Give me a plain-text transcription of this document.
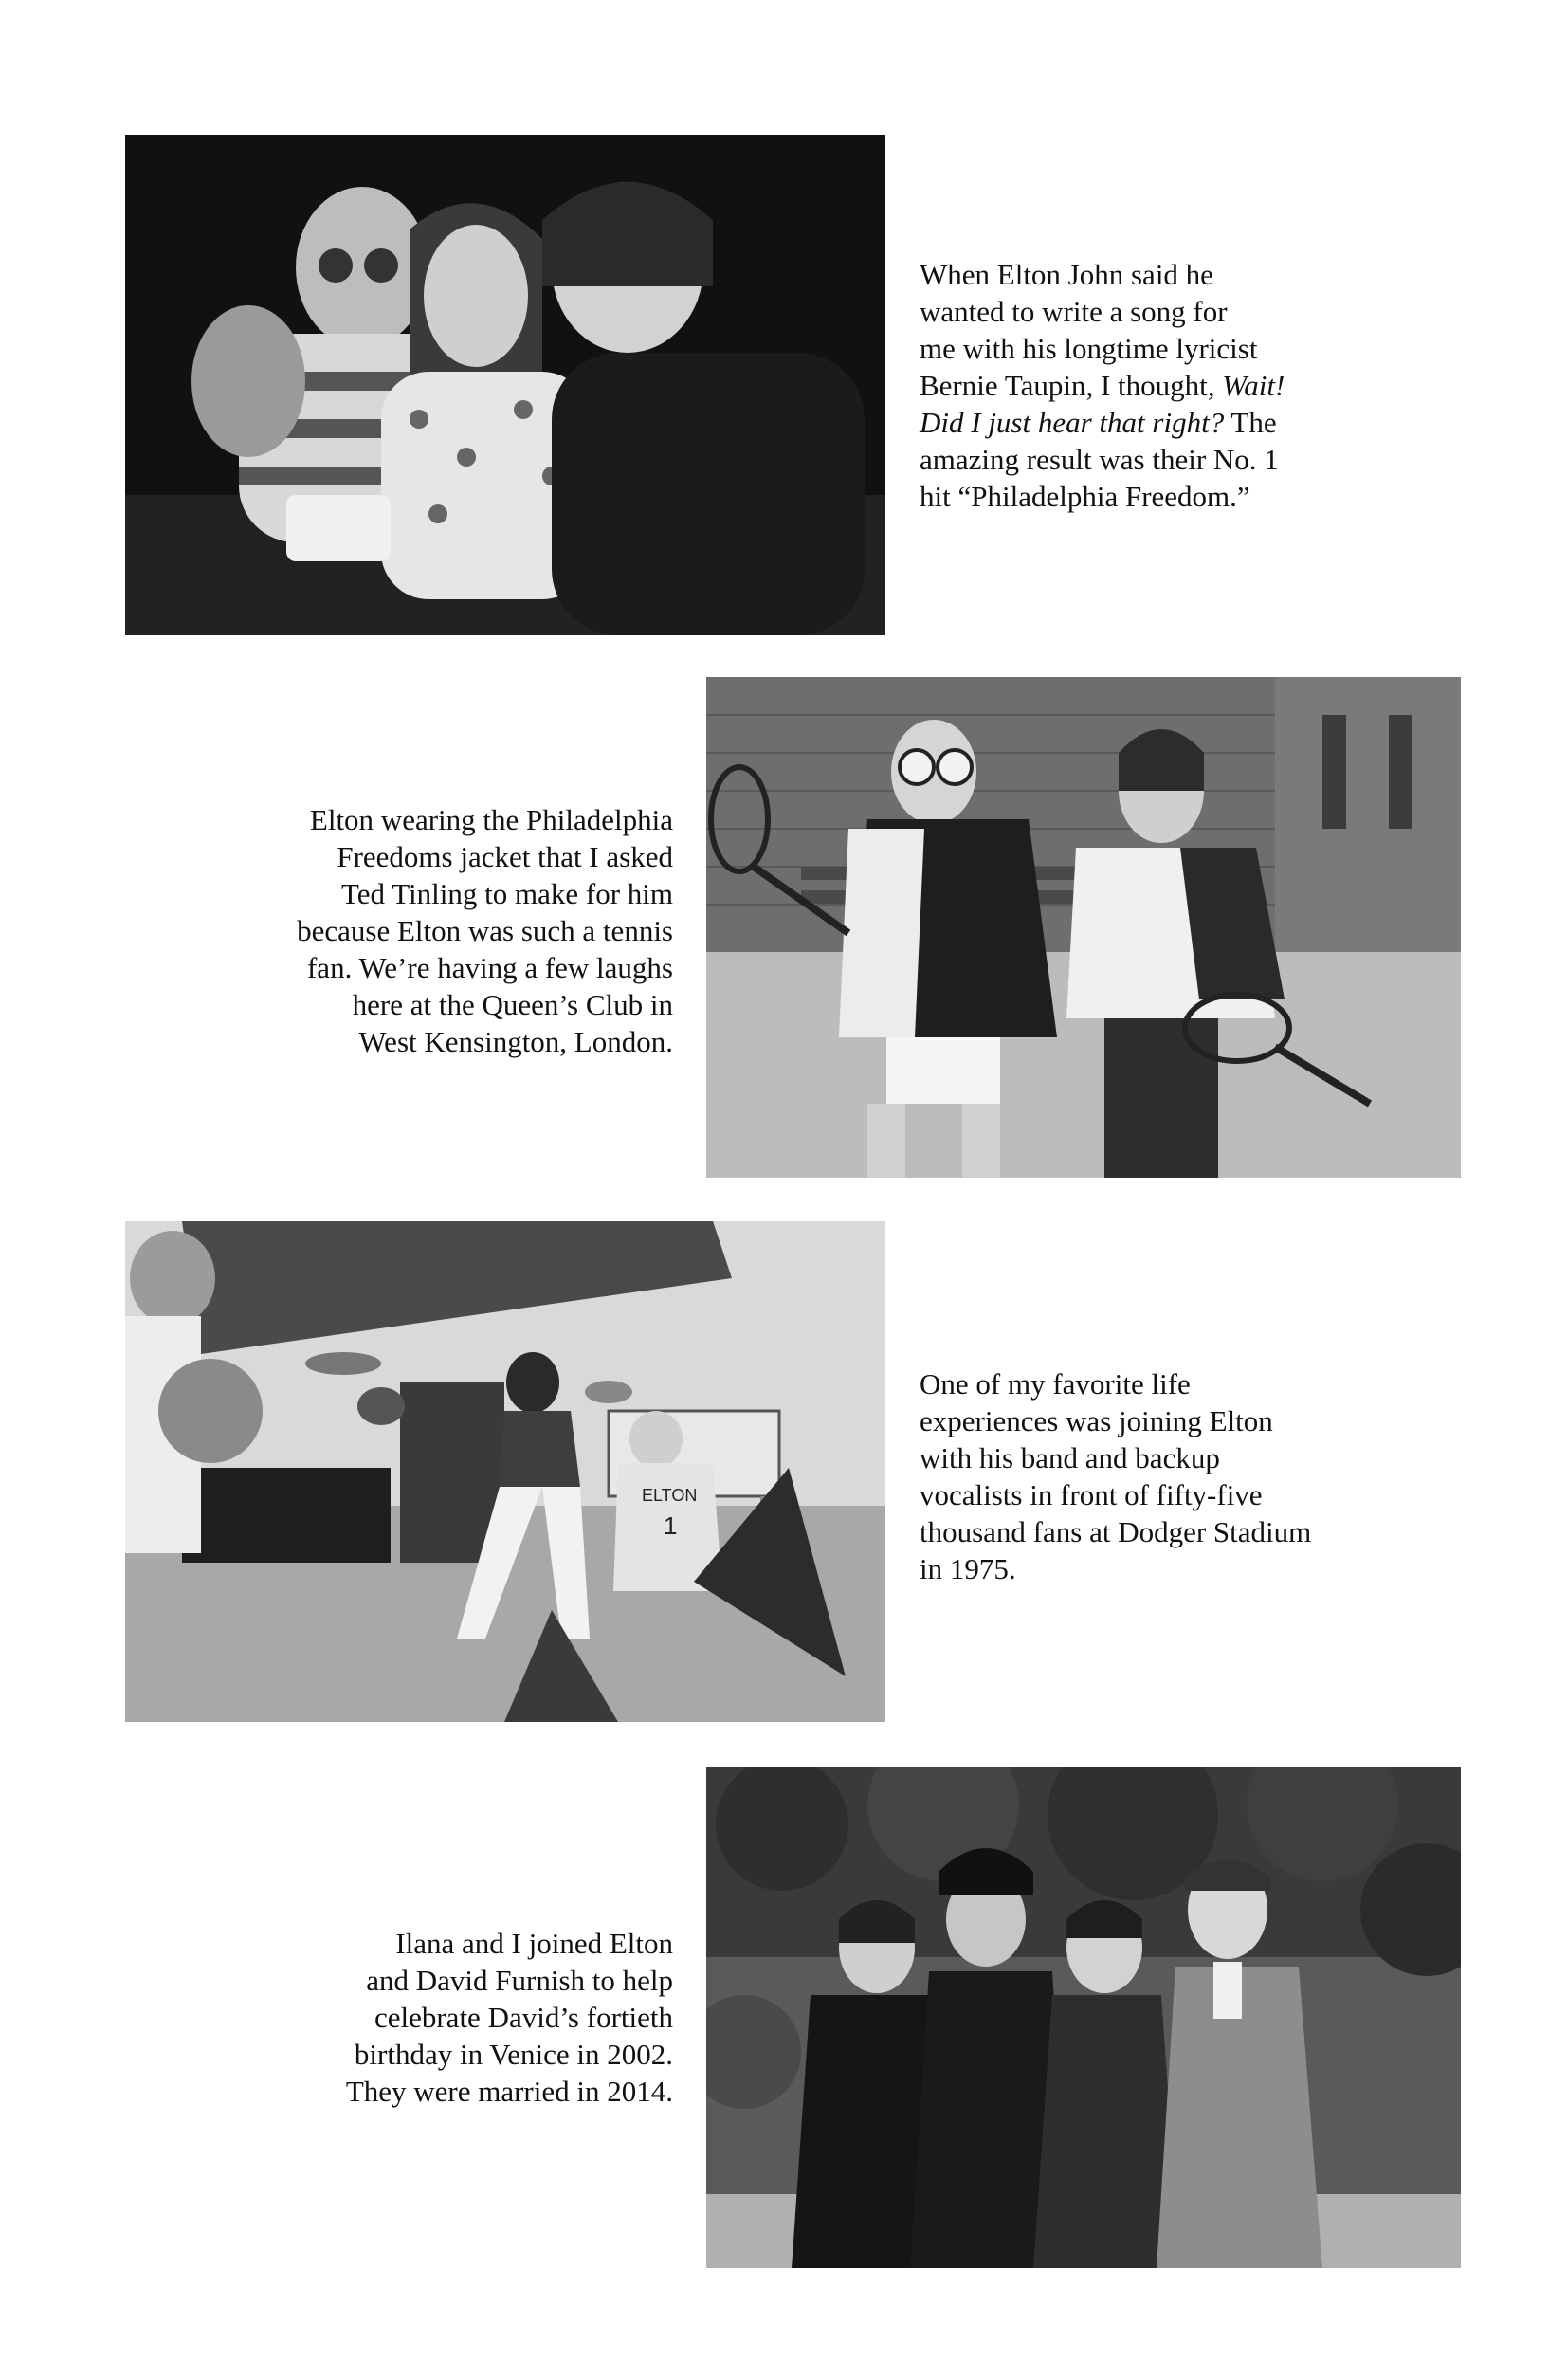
When Elton John said he
wanted to write a song for
me with his longtime lyricist
Bernie Taupin, I thought, Wait!
Did I just hear that right? The
amazing result was their No. 1
hit “Philadelphia Freedom.”
Elton wearing the Philadelphia
Freedoms jacket that I asked
Ted Tinling to make for him
because Elton was such a tennis
fan. We’re having a few laughs
here at the Queen’s Club in
West Kensington, London.
ELTON
1
One of my favorite life
experiences was joining Elton
with his band and backup
vocalists in front of fifty-five
thousand fans at Dodger Stadium
in 1975.
Ilana and I joined Elton
and David Furnish to help
celebrate David’s fortieth
birthday in Venice in 2002.
They were married in 2014.
